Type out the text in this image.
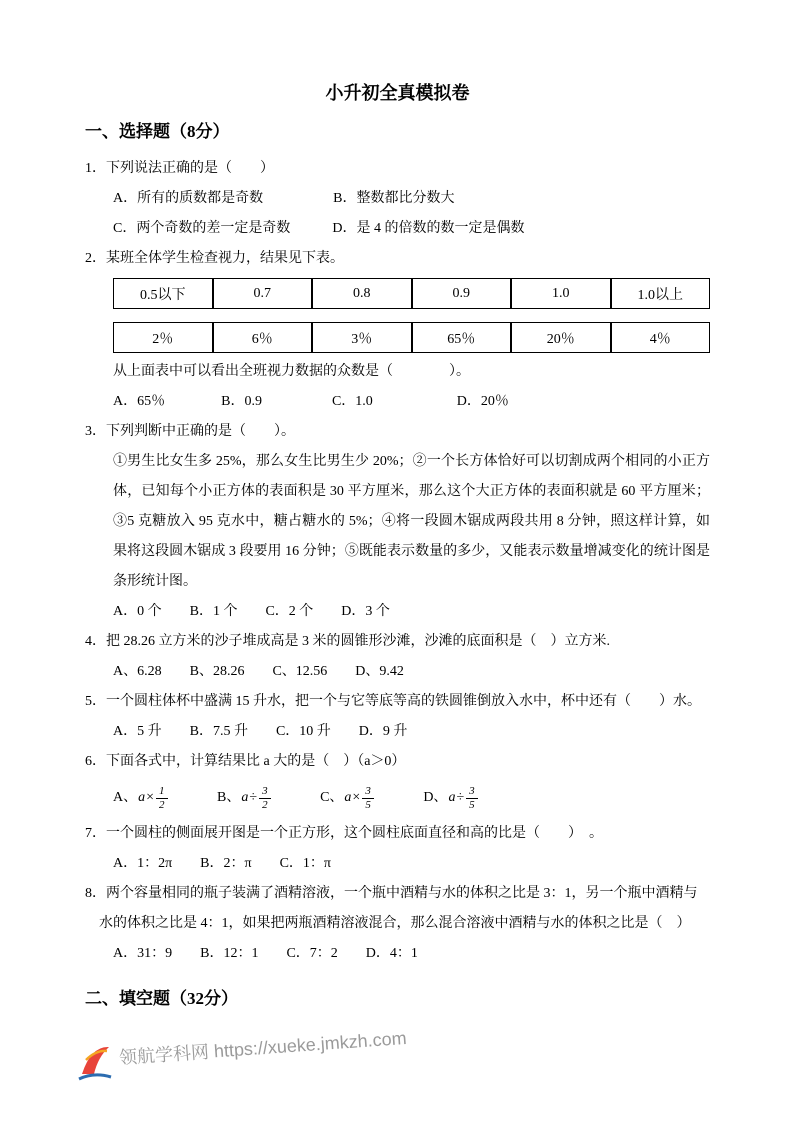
小升初全真模拟卷
一、选择题（8分）

1．下列说法正确的是（　　）

A．所有的质数都是奇数　　　　　B．整数都比分数大

C．两个奇数的差一定是奇数　　　D．是 4 的倍数的数一定是偶数

2．某班全体学生检查视力，结果见下表。

0.5以下	0.7	0.8	0.9	1.0	1.0以上
2％	6％	3％	65％	20％	4％

从上面表中可以看出全班视力数据的众数是（　　　　）。

A．65％　　　　B．0.9　　　　　C．1.0　　　　　　D．20％

3．下列判断中正确的是（　　）。

①男生比女生多 25%，那么女生比男生少 20%；②一个长方体恰好可以切割成两个相同的小正方体，已知每个小正方体的表面积是 30 平方厘米，那么这个大正方体的表面积就是 60 平方厘米；③5 克糖放入 95 克水中，糖占糖水的 5%；④将一段圆木锯成两段共用 8 分钟，照这样计算，如果将这段圆木锯成 3 段要用 16 分钟；⑤既能表示数量的多少，又能表示数量增减变化的统计图是条形统计图。

A．0 个　　B．1 个　　C．2 个　　D．3 个

4．把 28.26 立方米的沙子堆成高是 3 米的圆锥形沙滩，沙滩的底面积是（　）立方米.

A、6.28　　B、28.26　　C、12.56　　D、9.42

5．一个圆柱体杯中盛满 15 升水，把一个与它等底等高的铁圆锥倒放入水中，杯中还有（　　）水。

A．5 升　　B．7.5 升　　C．10 升　　D．9 升

6．下面各式中，计算结果比 a 大的是（　）（a＞0）

A、 $a \times \frac{1}{2}$
	B、 $a \div \frac{3}{2}$
	C、 $a \times \frac{3}{5}$
	D、 $a \div \frac{3}{5}$

7．一个圆柱的侧面展开图是一个正方形，这个圆柱底面直径和高的比是（　　）　。

A．1：2π　　B．2：π　　C．1：π

8．两个容量相同的瓶子装满了酒精溶液，一个瓶中酒精与水的体积之比是 3：1，另一个瓶中酒精与水的体积之比是 4：1，如果把两瓶酒精溶液混合，那么混合溶液中酒精与水的体积之比是（　）

A．31：9　　B．12：1　　C．7：2　　D．4：1

二、填空题（32分）
领航学科网 https://xueke.jmkzh.com
